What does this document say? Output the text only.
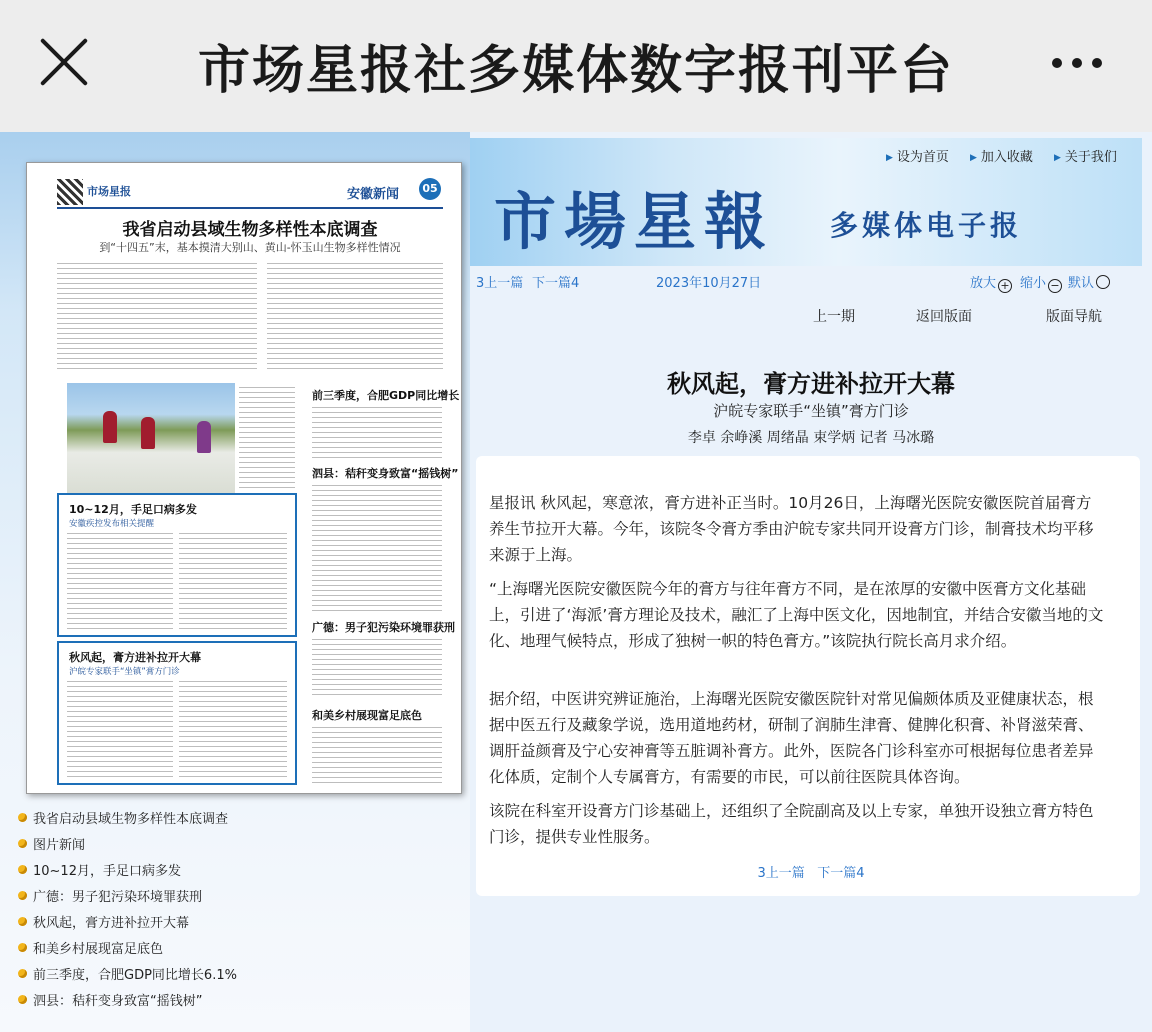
市场星报社多媒体数字报刊平台
市场星报	安徽新闻	05
我省启动县域生物多样性本底调查
到“十四五”末，基本摸清大别山、黄山-怀玉山生物多样性情况
前三季度，合肥GDP同比增长
泗县：秸秆变身致富“摇钱树”
10~12月，手足口病多发
安徽疾控发布相关提醒
广德：男子犯污染环境罪获刑
秋风起，膏方进补拉开大幕
沪皖专家联手“坐镇”膏方门诊
和美乡村展现富足底色
我省启动县域生物多样性本底调查
图片新闻
10~12月，手足口病多发
广德：男子犯污染环境罪获刑
秋风起，膏方进补拉开大幕
和美乡村展现富足底色
前三季度，合肥GDP同比增长6.1%
泗县：秸秆变身致富“摇钱树”
▶ 设为首页	▶ 加入收藏	▶ 关于我们
市場星報 多媒体电子报
3上一篇 下一篇4	2023年10月27日	放大 + 缩小 − 默认
上一期	返回版面	版面导航
秋风起，膏方进补拉开大幕
沪皖专家联手“坐镇”膏方门诊
李卓 余峥溪 周绪晶 束学炳 记者 马冰璐

星报讯 秋风起，寒意浓，膏方进补正当时。10月26日，上海曙光医院安徽医院首届膏方养生节拉开大幕。今年，该院冬令膏方季由沪皖专家共同开设膏方门诊，制膏技术均平移来源于上海。

“上海曙光医院安徽医院今年的膏方与往年膏方不同，是在浓厚的安徽中医膏方文化基础上，引进了‘海派’膏方理论及技术，融汇了上海中医文化，因地制宜，并结合安徽当地的文化、地理气候特点，形成了独树一帜的特色膏方。”该院执行院长高月求介绍。

据介绍，中医讲究辨证施治，上海曙光医院安徽医院针对常见偏颇体质及亚健康状态，根据中医五行及藏象学说，选用道地药材，研制了润肺生津膏、健脾化积膏、补肾滋荣膏、调肝益颜膏及宁心安神膏等五脏调补膏方。此外，医院各门诊科室亦可根据每位患者差异化体质，定制个人专属膏方，有需要的市民，可以前往医院具体咨询。

该院在科室开设膏方门诊基础上，还组织了全院副高及以上专家，单独开设独立膏方特色门诊，提供专业性服务。

3上一篇 下一篇4
